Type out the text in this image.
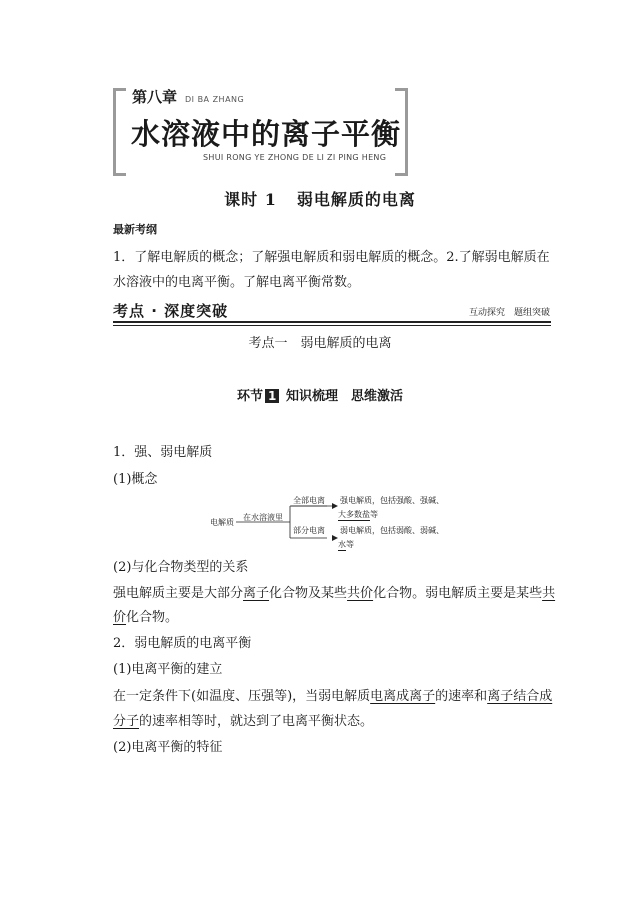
第八章 DI BA ZHANG
水溶液中的离子平衡
SHUI RONG YE ZHONG DE LI ZI PING HENG
课时 1 弱电解质的电离
最新考纲
1．了解电解质的概念；了解强电解质和弱电解质的概念。2.了解弱电解质在
水溶液中的电离平衡。了解电离平衡常数。
考点 · 深度突破	互动探究　题组突破
考点一　弱电解质的电离
环节 1 知识梳理　思维激活
1．强、弱电解质
(1)概念
电解质
在水溶液里
全部电离
部分电离
强电解质，包括强酸、强碱、
大多数盐等
弱电解质，包括弱酸、弱碱、
水等
(2)与化合物类型的关系
强电解质主要是大部分离子化合物及某些共价化合物。弱电解质主要是某些共
价化合物。
2．弱电解质的电离平衡
(1)电离平衡的建立
在一定条件下(如温度、压强等)，当弱电解质电离成离子的速率和离子结合成
分子的速率相等时，就达到了电离平衡状态。
(2)电离平衡的特征
